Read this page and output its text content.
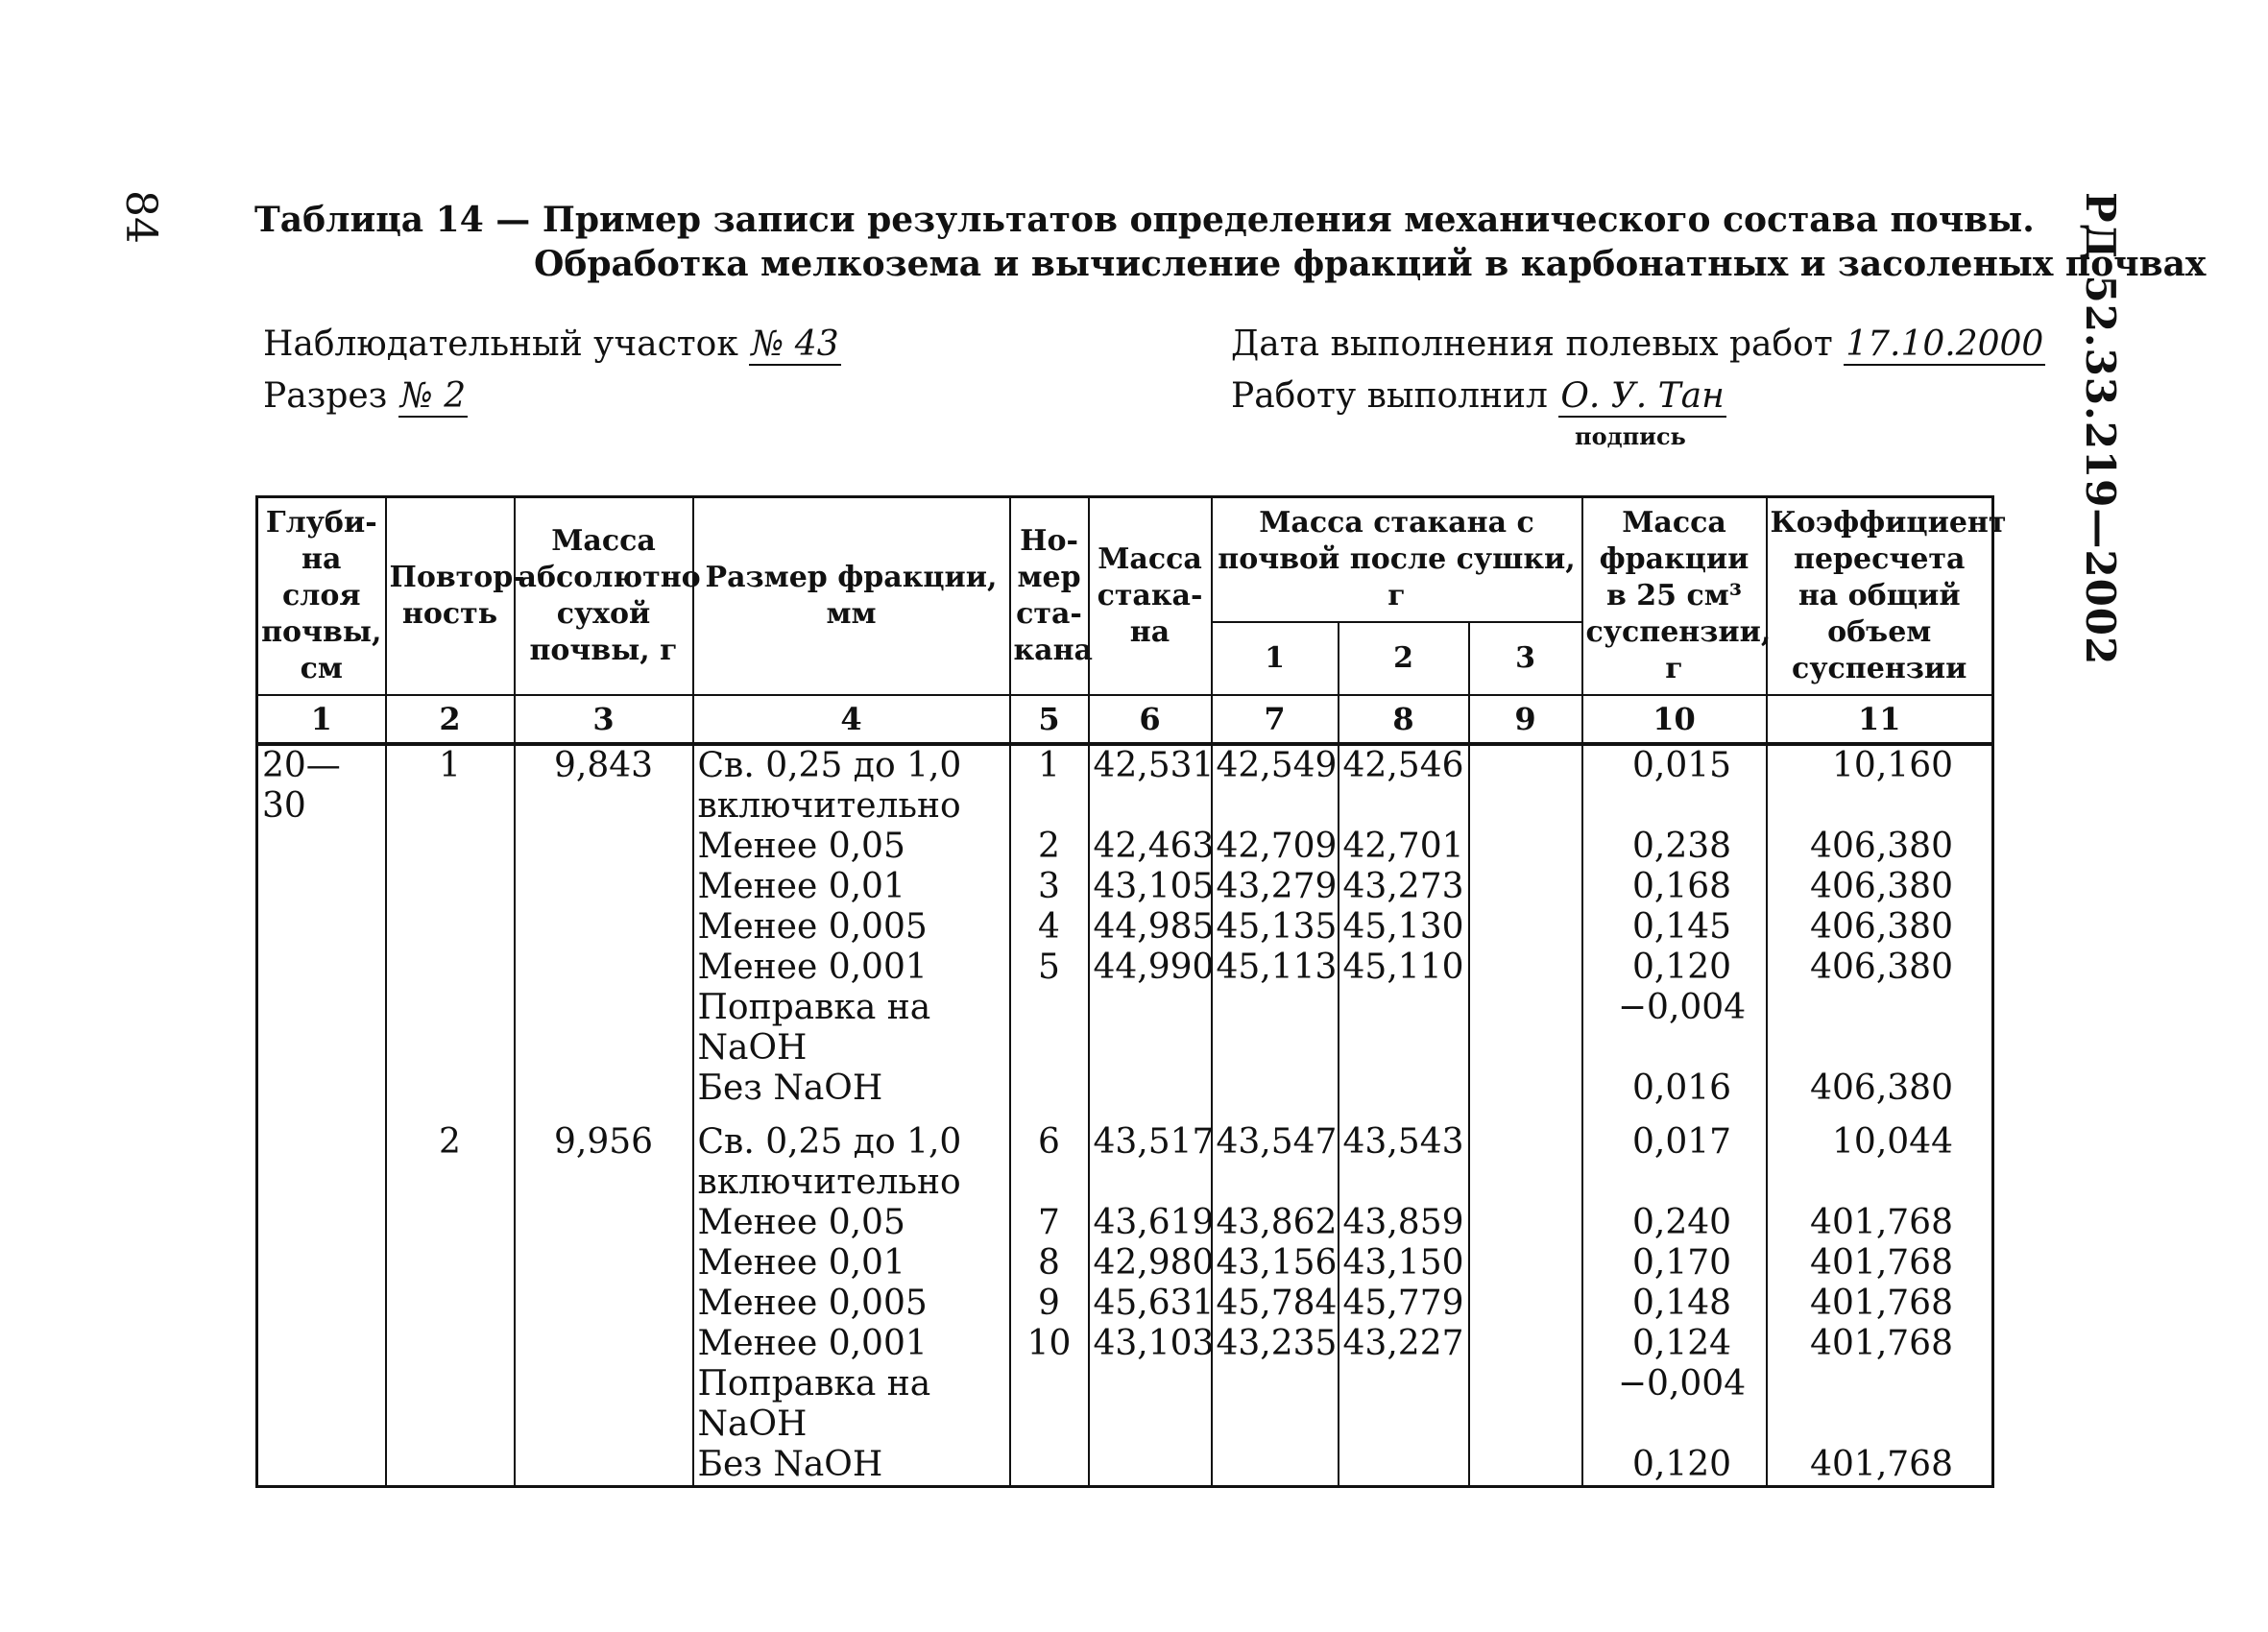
84	РД 52.33.219—2002
Таблица 14 — Пример записи результатов определения механического состава почвы.
Обработка мелкозема и вычисление фракций в карбонатных и засоленых почвах
Наблюдательный участок № 43
Разрез № 2
Дата выполнения полевых работ 17.10.2000
Работу выполнил О. У. Тан
подпись
Глуби-на слоя почвы, см	Повтор-ность	Масса абсолютно сухой почвы, г	Размер фракции, мм	Но-мер ста-кана	Масса стака-на	Масса стакана с почвой после сушки, г			Масса фракции в 25 см³ суспензии, г	Коэффициент пересчета на общий объем суспензии
						1	2	3		
1	2	3	4	5	6	7	8	9	10	11
20—30	1	9,843	Св. 0,25 до 1,0 включительно	1	42,531	42,549	42,546		0,015	10,160
			Менее 0,05	2	42,463	42,709	42,701		0,238	406,380
			Менее 0,01	3	43,105	43,279	43,273		0,168	406,380
			Менее 0,005	4	44,985	45,135	45,130		0,145	406,380
			Менее 0,001	5	44,990	45,113	45,110		0,120	406,380
			Поправка на NaOH						−0,004	
			Без NaOH						0,016	406,380
	2	9,956	Св. 0,25 до 1,0 включительно	6	43,517	43,547	43,543		0,017	10,044
			Менее 0,05	7	43,619	43,862	43,859		0,240	401,768
			Менее 0,01	8	42,980	43,156	43,150		0,170	401,768
			Менее 0,005	9	45,631	45,784	45,779		0,148	401,768
			Менее 0,001	10	43,103	43,235	43,227		0,124	401,768
			Поправка на NaOH						−0,004	
			Без NaOH						0,120	401,768
